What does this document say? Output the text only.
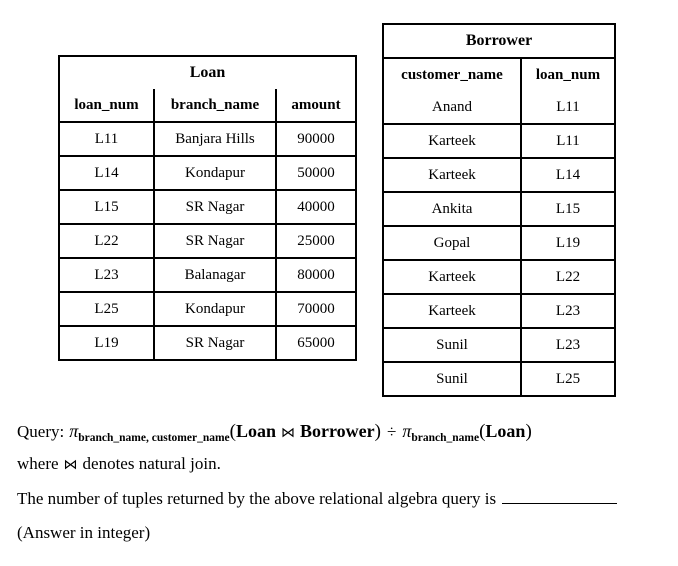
Loan		
loan_num	branch_name	amount
L11	Banjara Hills	90000
L14	Kondapur	50000
L15	SR Nagar	40000
L22	SR Nagar	25000
L23	Balanagar	80000
L25	Kondapur	70000
L19	SR Nagar	65000
Borrower	
customer_name	loan_num
Anand	L11
Karteek	L11
Karteek	L14
Ankita	L15
Gopal	L19
Karteek	L22
Karteek	L23
Sunil	L23
Sunil	L25
Query: $\pi_{branch\_name, customer\_name}(Loan$ ⋈ Borrower) ÷ $\pi_{branch\_name}(Loan)$
where ⋈ denotes natural join.
The number of tuples returned by the above relational algebra query is
(Answer in integer)
